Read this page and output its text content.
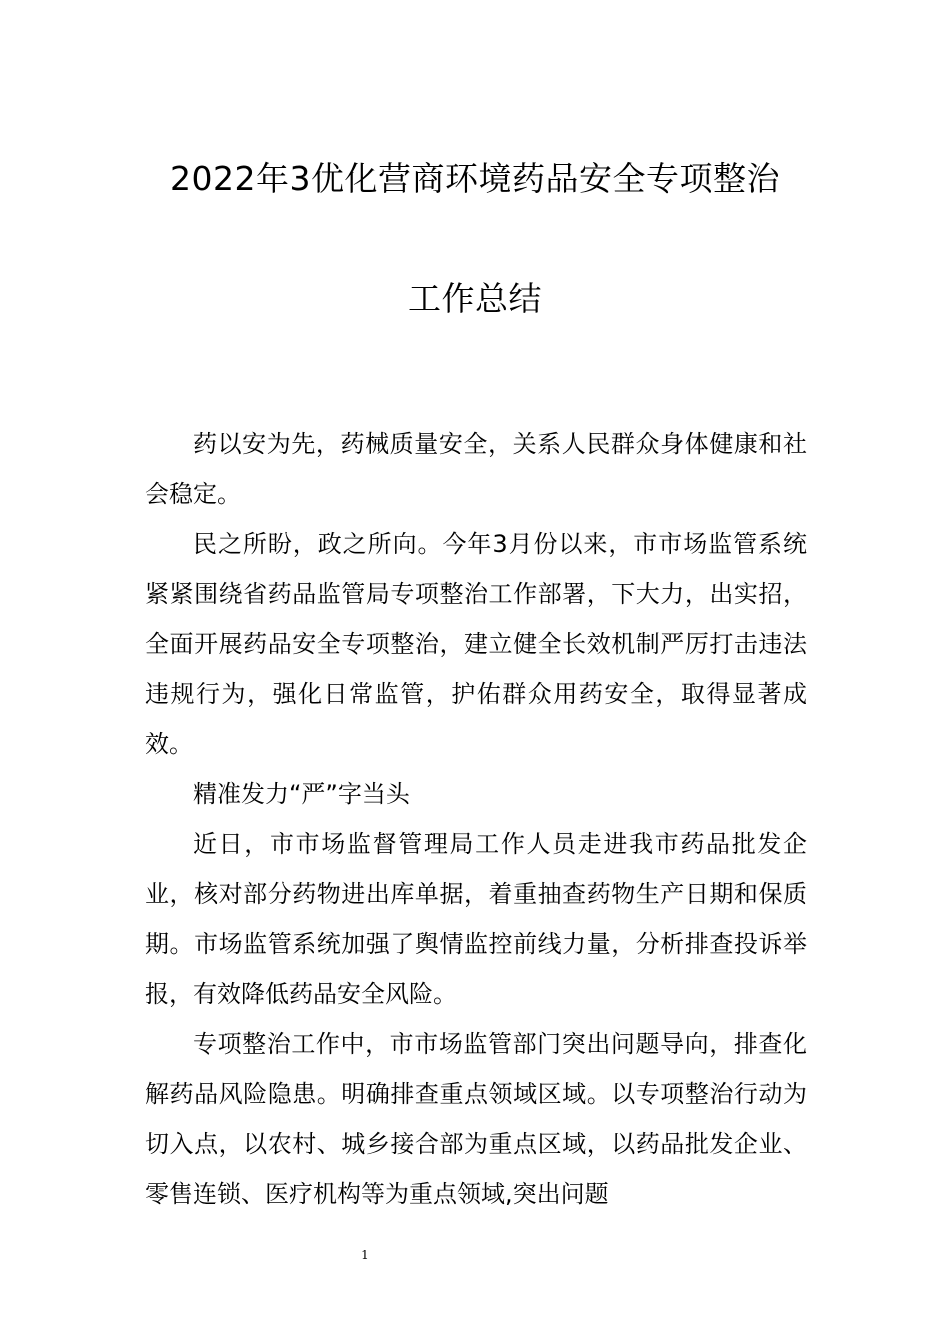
2022年3优化营商环境药品安全专项整治
工作总结

药以安为先，药械质量安全，关系人民群众身体健康和社会稳定。

民之所盼，政之所向。今年3月份以来，市市场监管系统紧紧围绕省药品监管局专项整治工作部署，下大力，出实招，全面开展药品安全专项整治，建立健全长效机制严厉打击违法违规行为，强化日常监管，护佑群众用药安全，取得显著成效。

精准发力“严”字当头

近日，市市场监督管理局工作人员走进我市药品批发企业，核对部分药物进出库单据，着重抽查药物生产日期和保质期。市场监管系统加强了舆情监控前线力量，分析排查投诉举报，有效降低药品安全风险。

专项整治工作中，市市场监管部门突出问题导向，排查化解药品风险隐患。明确排查重点领域区域。以专项整治行动为切入点，以农村、城乡接合部为重点区域，以药品批发企业、零售连锁、医疗机构等为重点领域,突出问题

1
